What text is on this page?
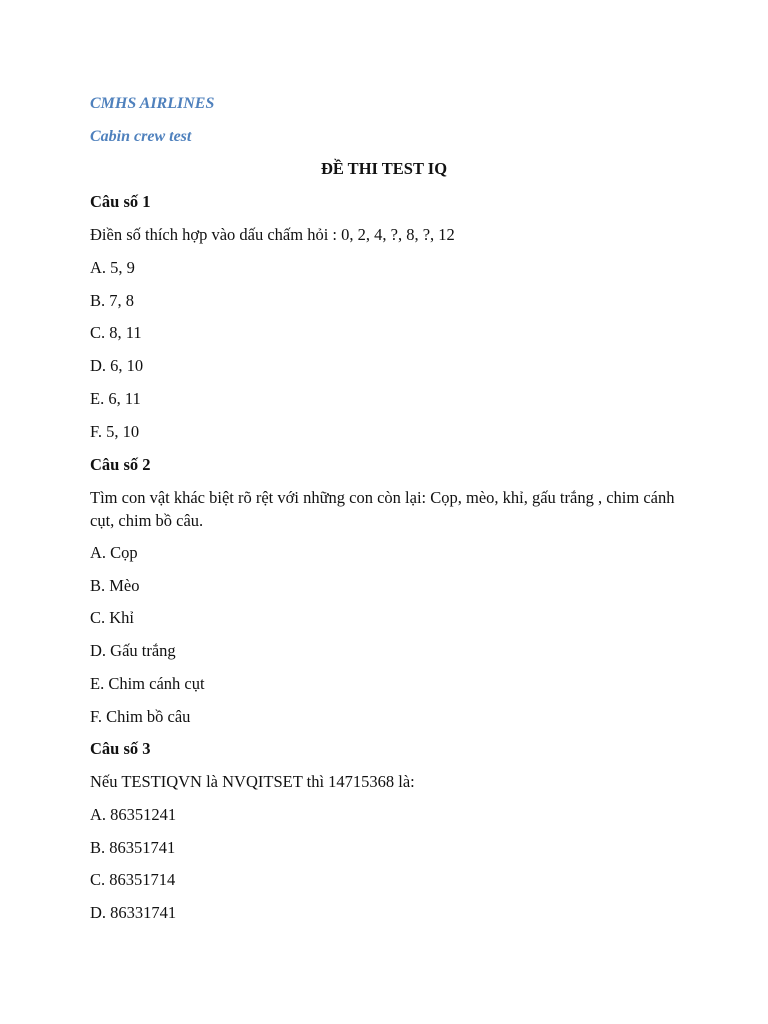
CMHS AIRLINES
Cabin crew test
ĐỀ THI TEST IQ
Câu số 1
Điền số thích hợp vào dấu chấm hỏi : 0, 2, 4, ?, 8, ?, 12
A. 5, 9
B. 7, 8
C. 8, 11
D. 6, 10
E. 6, 11
F. 5, 10
Câu số 2
Tìm con vật khác biệt rõ rệt với những con còn lại: Cọp, mèo, khỉ, gấu trắng , chim cánh cụt, chim bồ câu.
A. Cọp
B. Mèo
C. Khỉ
D. Gấu trắng
E. Chim cánh cụt
F. Chim bồ câu
Câu số 3
Nếu TESTIQVN là NVQITSET thì 14715368 là:
A. 86351241
B. 86351741
C. 86351714
D. 86331741
